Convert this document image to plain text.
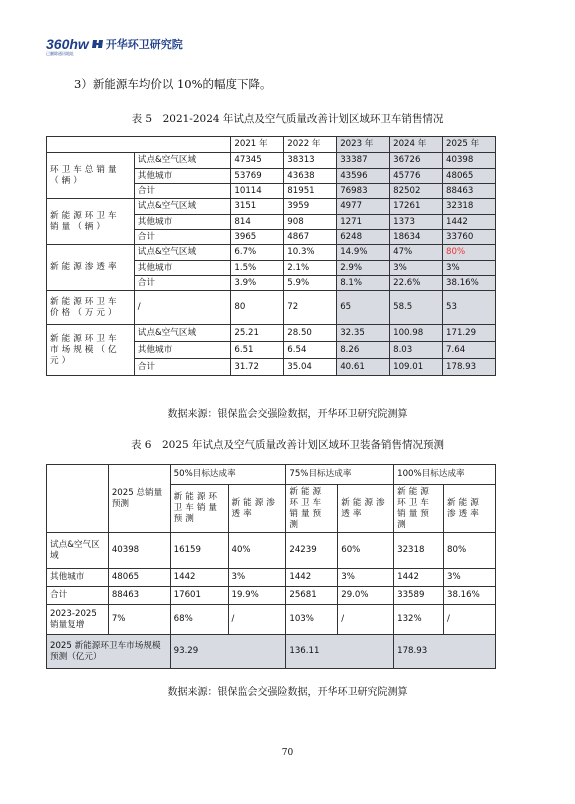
360hw 开华环卫研究院
已删除通讯地址
3）新能源车均价以 10%的幅度下降。
表 5　2021-2024 年试点及空气质量改善计划区域环卫车销售情况
		2021 年	2022 年	2023 年	2024 年	2025 年
环卫车总销量（辆）	试点&空气区域	47345	38313	33387	36726	40398
	其他城市	53769	43638	43596	45776	48065
	合计	10114	81951	76983	82502	88463
新能源环卫车销量（辆）	试点&空气区域	3151	3959	4977	17261	32318
	其他城市	814	908	1271	1373	1442
	合计	3965	4867	6248	18634	33760
新能源渗透率	试点&空气区域	6.7%	10.3%	14.9%	47%	80%
	其他城市	1.5%	2.1%	2.9%	3%	3%
	合计	3.9%	5.9%	8.1%	22.6%	38.16%
新能源环卫车价格（万元）	/	80	72	65	58.5	53
新能源环卫车市场规模（亿元）	试点&空气区域	25.21	28.50	32.35	100.98	171.29
	其他城市	6.51	6.54	8.26	8.03	7.64
	合计	31.72	35.04	40.61	109.01	178.93
数据来源：银保监会交强险数据，开华环卫研究院测算
表 6　2025 年试点及空气质量改善计划区域环卫装备销售情况预测
	2025 总销量预测	50%目标达成率		75%目标达成率		100%目标达成率	
		新能源环卫车销量预测	新能源渗透率	新能源环卫车销量预测	新能源渗透率	新能源环卫车销量预测	新能源渗透率
试点&空气区域	40398	16159	40%	24239	60%	32318	80%
其他城市	48065	1442	3%	1442	3%	1442	3%
合计	88463	17601	19.9%	25681	29.0%	33589	38.16%
2023-2025 销量复增	7%	68%	/	103%	/	132%	/
2025 新能源环卫车市场规模预测（亿元）		93.29		136.11		178.93	
数据来源：银保监会交强险数据，开华环卫研究院测算
70
